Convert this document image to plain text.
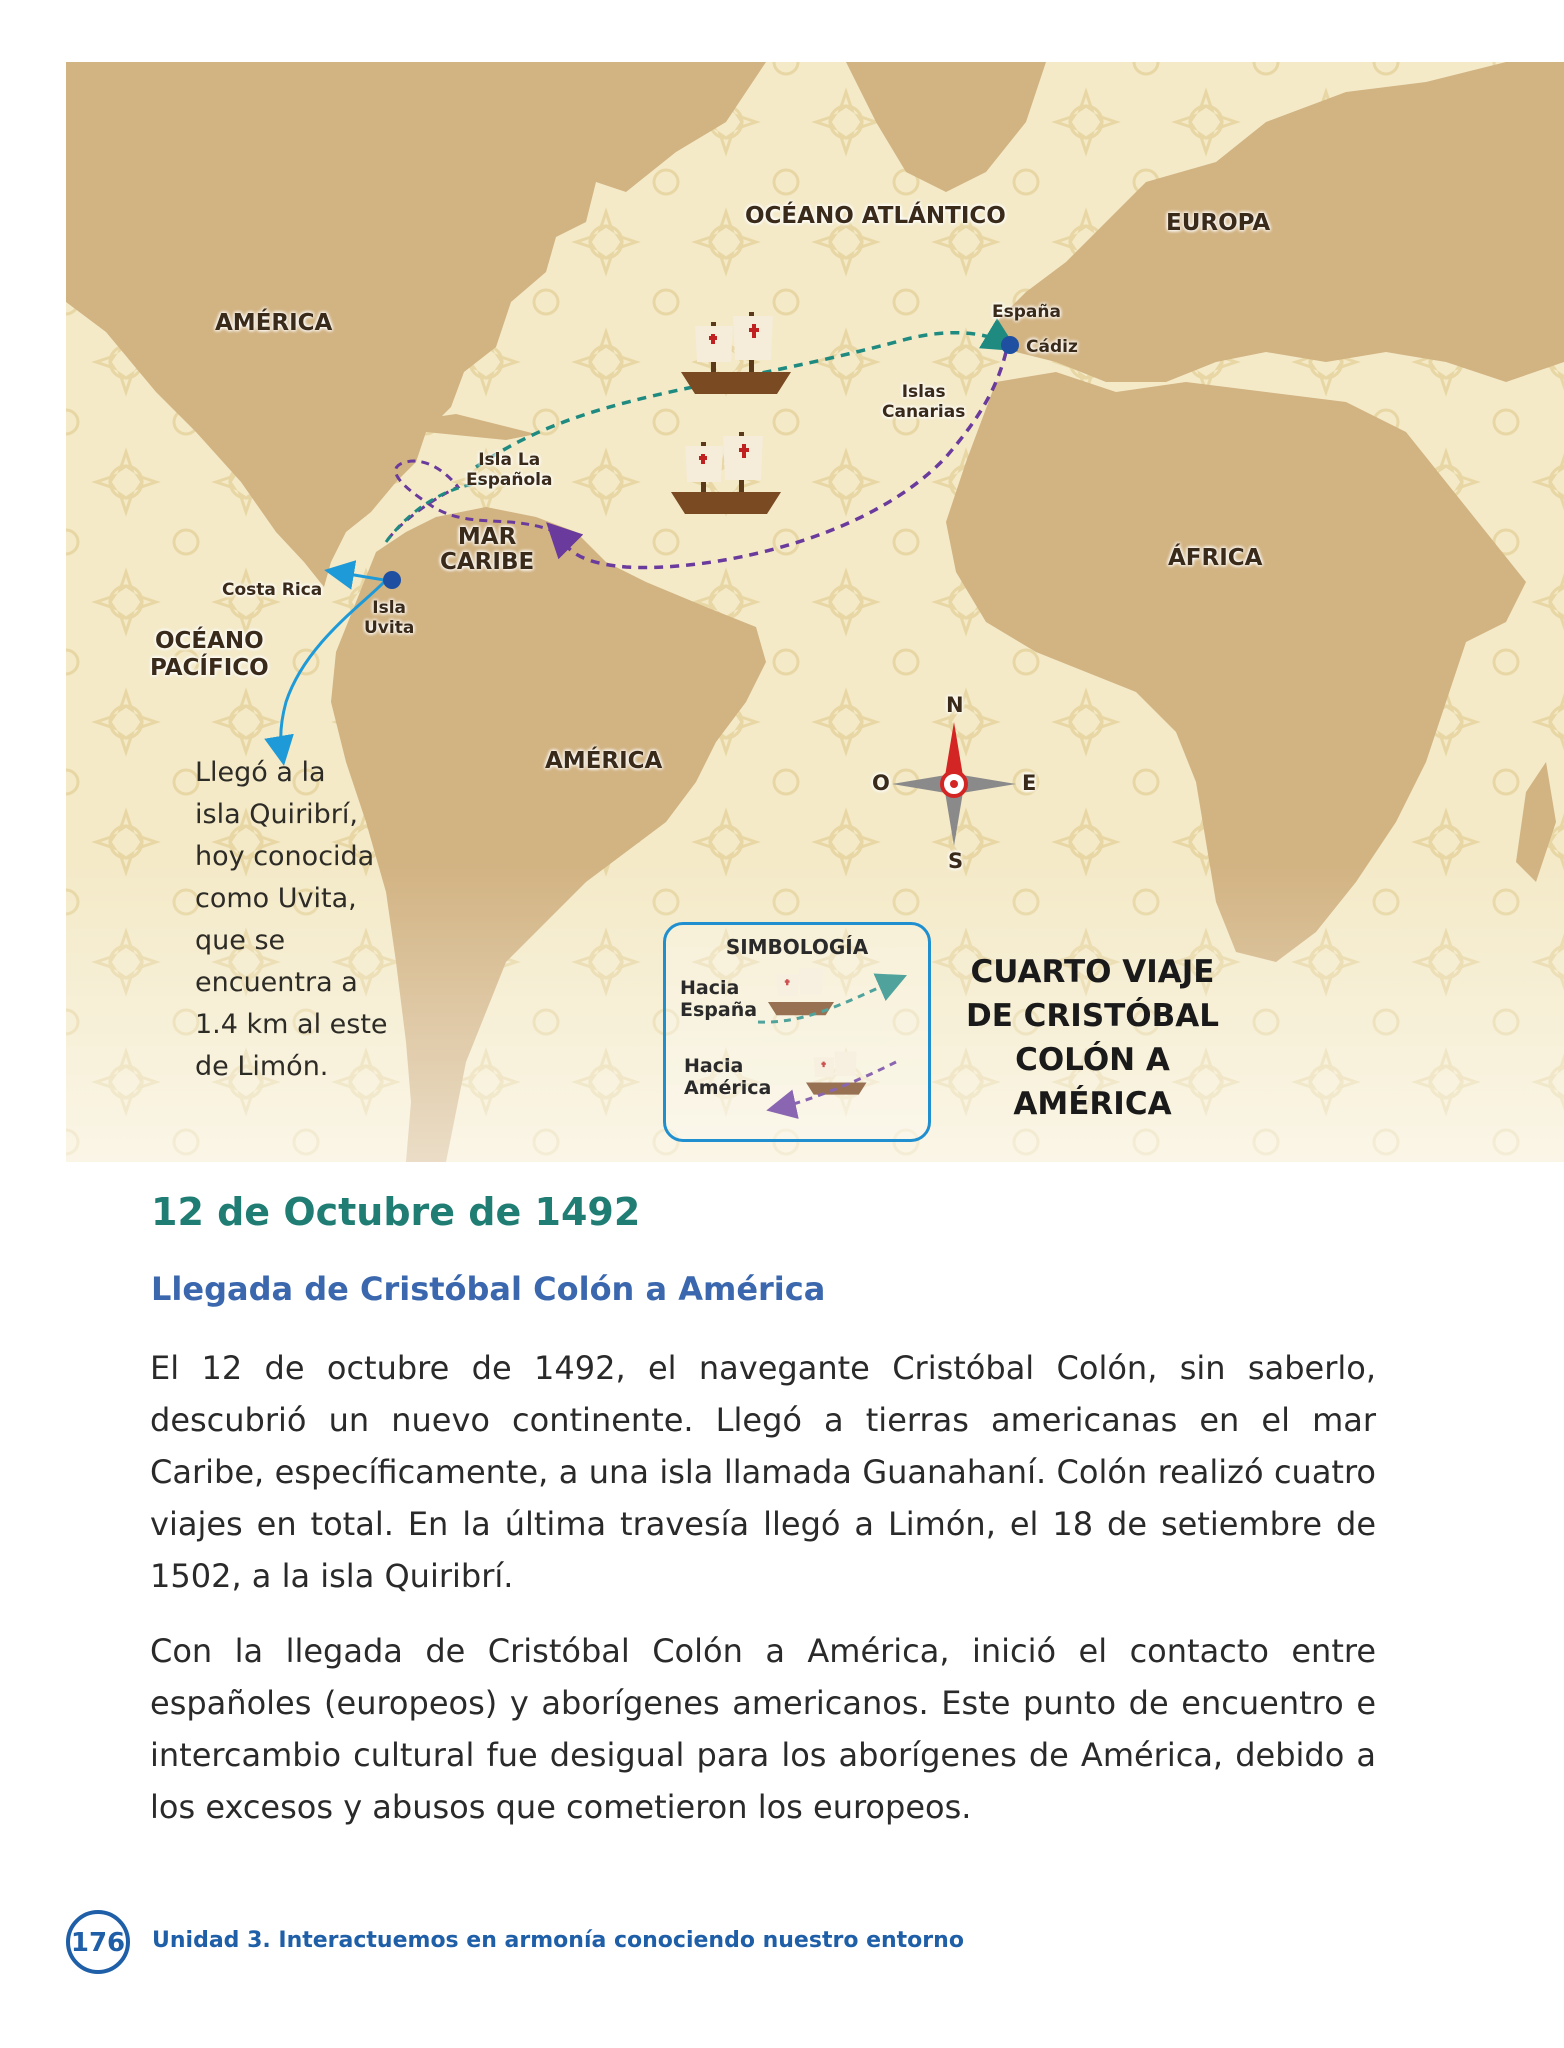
OCÉANO ATLÁNTICO	EUROPA
AMÉRICA
AMÉRICA
ÁFRICA
España
Cádiz
Islas
Canarias
Isla La
Española
MAR
CARIBE
Costa Rica
Isla
Uvita
OCÉANO
PACÍFICO
Llegó a la
isla Quiribrí,
hoy conocida
como Uvita,
que se
encuentra a
1.4 km al este
de Limón.
N
S
E
O
SIMBOLOGÍA
Hacia
España
Hacia
América
CUARTO VIAJE
DE CRISTÓBAL
COLÓN A
AMÉRICA
12 de Octubre de 1492
Llegada de Cristóbal Colón a América
El 12 de octubre de 1492, el navegante Cristóbal Colón, sin saberlo, descubrió un nuevo continente. Llegó a tierras americanas en el mar Caribe, específicamente, a una isla llamada Guanahaní. Colón realizó cuatro viajes en total. En la última travesía llegó a Limón, el 18 de setiembre de 1502, a la isla Quiribrí.
Con la llegada de Cristóbal Colón a América, inició el contacto entre españoles (europeos) y aborígenes americanos. Este punto de encuentro e intercambio cultural fue desigual para los aborígenes de América, debido a los excesos y abusos que cometieron los europeos.
176 Unidad 3. Interactuemos en armonía conociendo nuestro entorno
